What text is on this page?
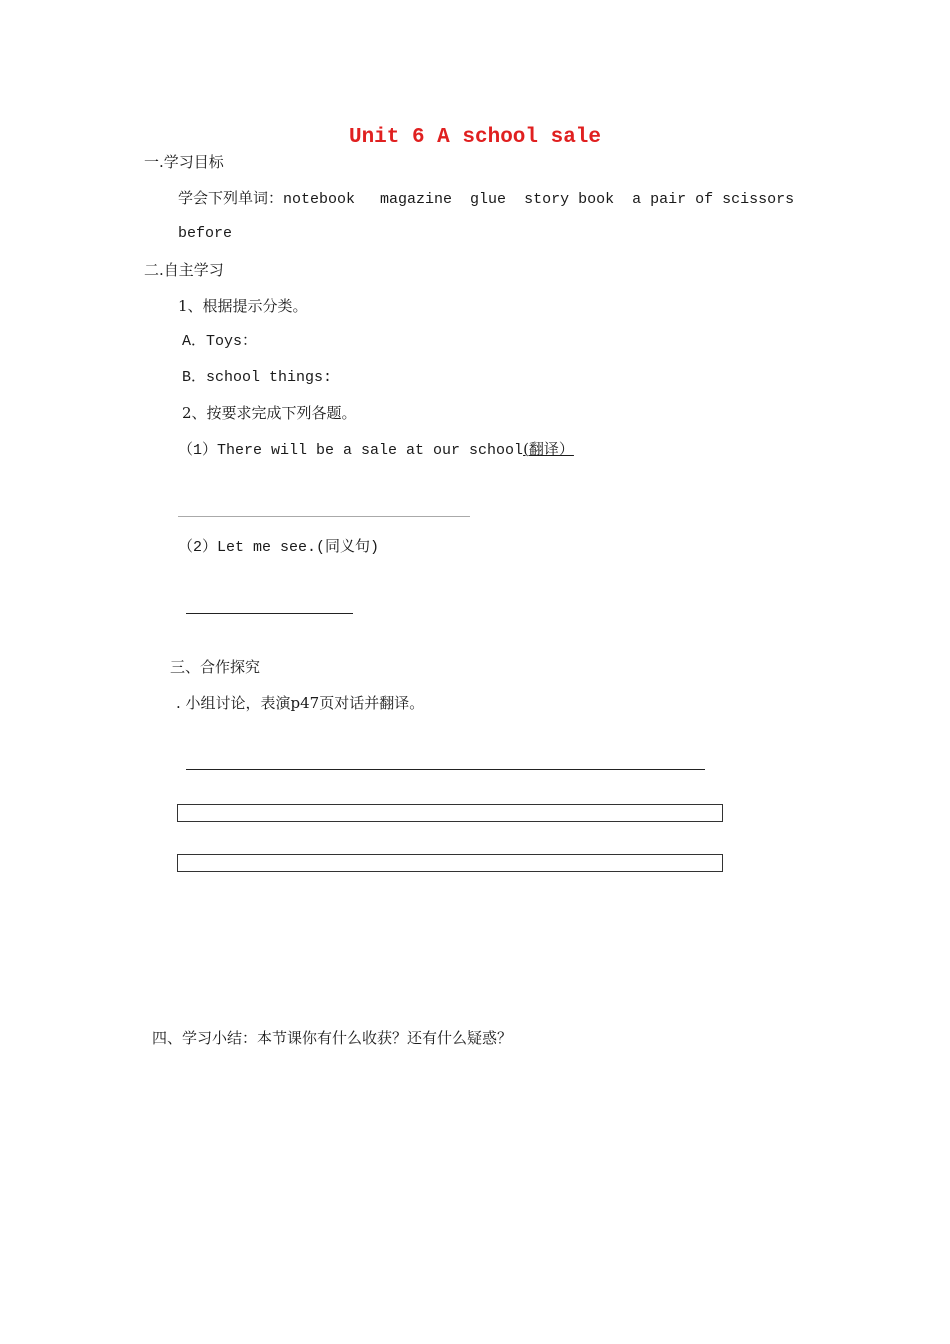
Unit 6 A school sale
一.学习目标
学会下列单词：notebook magazine glue story book a pair of scissors
before
二.自主学习
1、根据提示分类。
A．Toys：
B．school things:
2、按要求完成下列各题。
（1）There will be a sale at our school(翻译）
（2）Let me see.(同义句)
三、合作探究
. 小组讨论，表演p47页对话并翻译。
四、学习小结：本节课你有什么收获？还有什么疑惑？
